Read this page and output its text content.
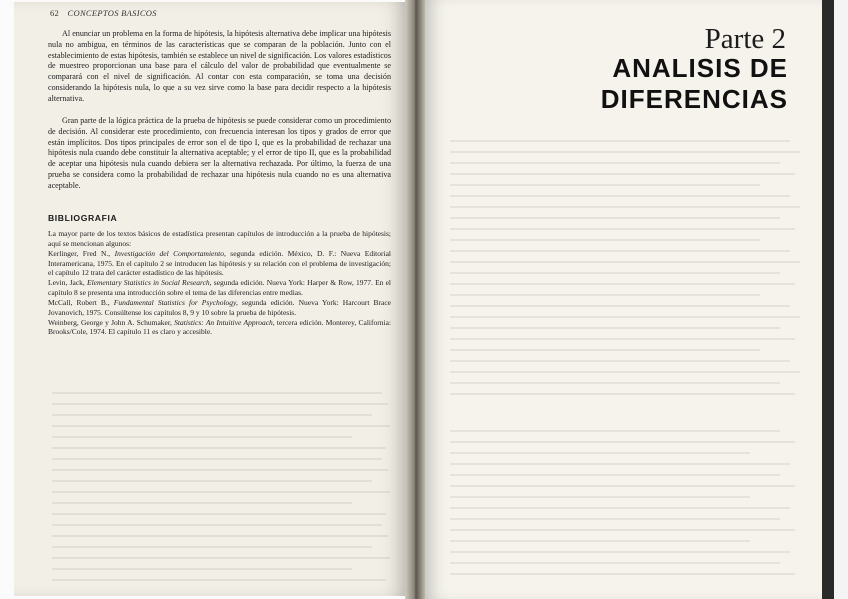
62 CONCEPTOS BASICOS

Al enunciar un problema en la forma de hipótesis, la hipótesis alternativa debe implicar una hipótesis nula no ambigua, en términos de las características que se comparan de la población. Junto con el establecimiento de estas hipótesis, también se establece un nivel de significación. Los valores estadísticos de muestreo proporcionan una base para el cálculo del valor de probabilidad que eventualmente se comparará con el nivel de significación. Al contar con esta comparación, se toma una decisión considerando la hipótesis nula, lo que a su vez sirve como la base para decidir respecto a la hipótesis alternativa.

Gran parte de la lógica práctica de la prueba de hipótesis se puede considerar como un procedimiento de decisión. Al considerar este procedimiento, con frecuencia interesan los tipos y grados de error que están implícitos. Dos tipos principales de error son el de tipo I, que es la probabilidad de rechazar una hipótesis nula cuando debe constituir la alternativa aceptable; y el error de tipo II, que es la probabilidad de aceptar una hipótesis nula cuando debiera ser la alternativa rechazada. Por último, la fuerza de una prueba se considera como la probabilidad de rechazar una hipótesis nula cuando no es una alternativa aceptable.

BIBLIOGRAFIA

La mayor parte de los textos básicos de estadística presentan capítulos de introducción a la prueba de hipótesis; aquí se mencionan algunos:

Kerlinger, Fred N., Investigación del Comportamiento, segunda edición. México, D. F.: Nueva Editorial Interamericana, 1975. En el capítulo 2 se introducen las hipótesis y su relación con el problema de investigación; el capítulo 12 trata del carácter estadístico de las hipótesis.
Levin, Jack, Elementary Statistics in Social Research, segunda edición. Nueva York: Harper & Row, 1977. En el capítulo 8 se presenta una introducción sobre el tema de las diferencias entre medias.
McCall, Robert B., Fundamental Statistics for Psychology, segunda edición. Nueva York: Harcourt Brace Jovanovich, 1975. Consúltense los capítulos 8, 9 y 10 sobre la prueba de hipótesis.
Weinberg, George y John A. Schumaker, Statistics: An Intuitive Approach, tercera edición. Monterey, California: Brooks/Cole, 1974. El capítulo 11 es claro y accesible.
Parte 2
ANALISIS DE
DIFERENCIAS
